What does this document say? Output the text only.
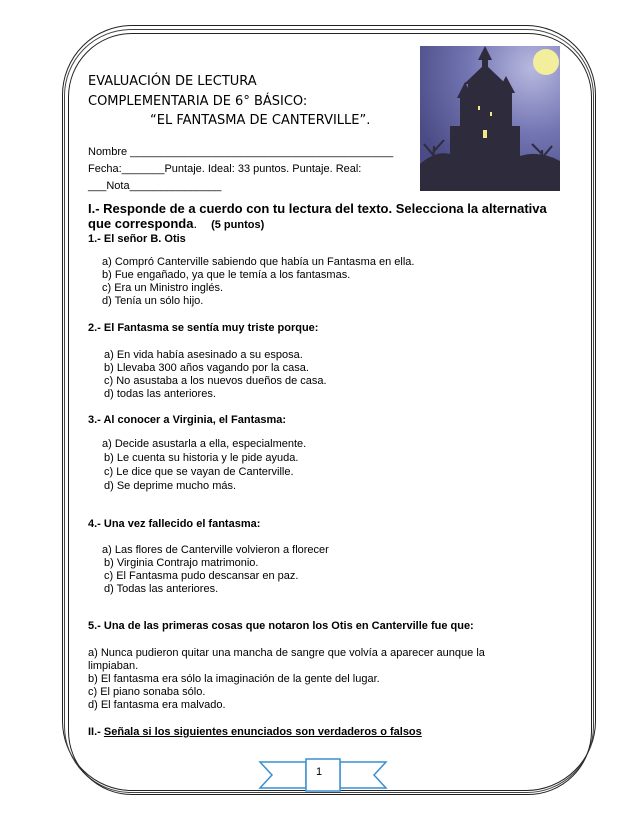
EVALUACIÓN DE LECTURA
COMPLEMENTARIA DE 6° BÁSICO:
“EL FANTASMA DE CANTERVILLE”.
Nombre ___________________________________________
Fecha:_______Puntaje. Ideal: 33 puntos. Puntaje. Real:
___Nota_______________
I.- Responde de a cuerdo con tu lectura del texto. Selecciona la alternativa
que corresponda. (5 puntos)
1.- El señor B. Otis
a) Compró Canterville sabiendo que había un Fantasma en ella.
b) Fue engañado, ya que le temía a los fantasmas.
c) Era un Ministro inglés.
d) Tenía un sólo hijo.
2.- El Fantasma se sentía muy triste porque:
a) En vida había asesinado a su esposa.
b) Llevaba 300 años vagando por la casa.
c) No asustaba a los nuevos dueños de casa.
d) todas las anteriores.
3.- Al conocer a Virginia, el Fantasma:
a) Decide asustarla a ella, especialmente.
b) Le cuenta su historia y le pide ayuda.
c) Le dice que se vayan de Canterville.
d) Se deprime mucho más.
4.- Una vez fallecido el fantasma:
a) Las flores de Canterville volvieron a florecer
b) Virginia Contrajo matrimonio.
c) El Fantasma pudo descansar en paz.
d) Todas las anteriores.
5.- Una de las primeras cosas que notaron los Otis en Canterville fue que:
a) Nunca pudieron quitar una mancha de sangre que volvía a aparecer aunque la
limpiaban.
b) El fantasma era sólo la imaginación de la gente del lugar.
c) El piano sonaba sólo.
d) El fantasma era malvado.
II.- Señala si los siguientes enunciados son verdaderos o falsos
1
